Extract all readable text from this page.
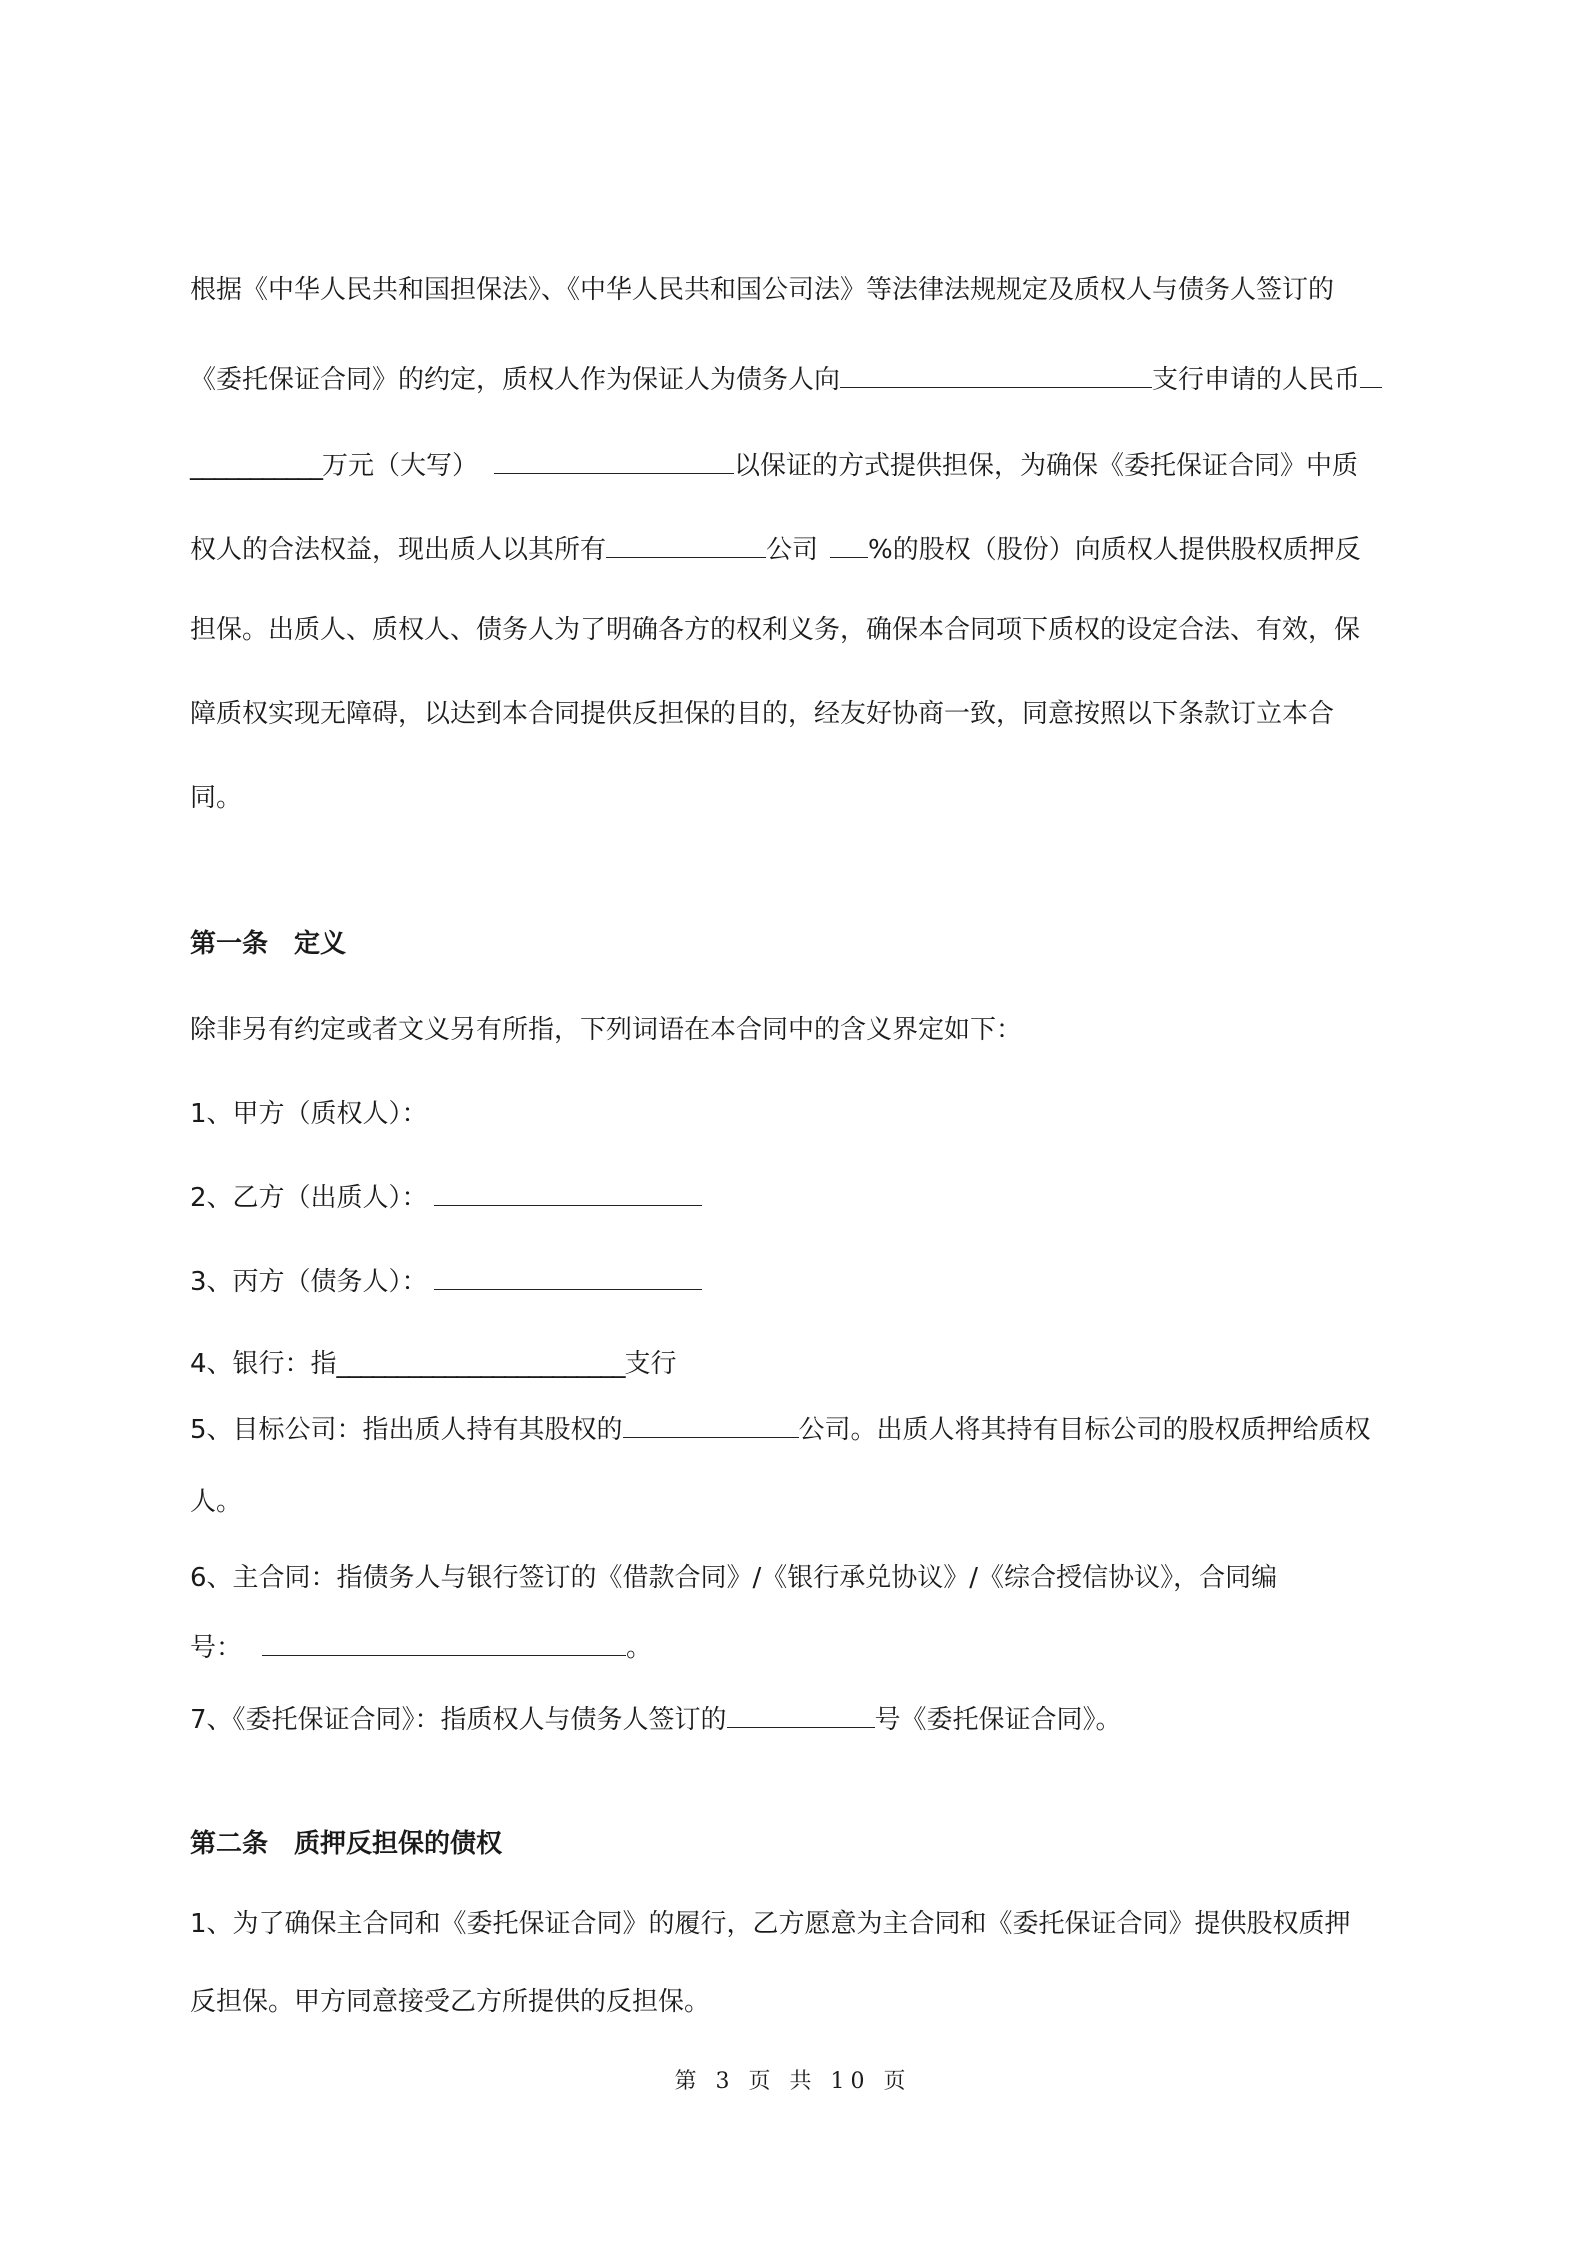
根据《中华人民共和国担保法》、《中华人民共和国公司法》等法律法规规定及质权人与债务人签订的

《委托保证合同》的约定，质权人作为保证人为债务人向	支行申请的人民币

___________万元（大写）	以保证的方式提供担保，为确保《委托保证合同》中质

权人的合法权益，现出质人以其所有	公司 %的股权（股份）向质权人提供股权质押反

担保。出质人、质权人、债务人为了明确各方的权利义务，确保本合同项下质权的设定合法、有效，保

障质权实现无障碍，以达到本合同提供反担保的目的，经友好协商一致，同意按照以下条款订立本合

同。

第一条　定义

除非另有约定或者文义另有所指，下列词语在本合同中的含义界定如下：

1、甲方（质权人）：

2、乙方（出质人）：

3、丙方（债务人）：

4、银行：指________________________支行

5、目标公司：指出质人持有其股权的	公司。出质人将其持有目标公司的股权质押给质权

人。

6、主合同：指债务人与银行签订的《借款合同》/《银行承兑协议》/《综合授信协议》，合同编

号：	。

7、《委托保证合同》：指质权人与债务人签订的	号《委托保证合同》。

第二条　质押反担保的债权

1、为了确保主合同和《委托保证合同》的履行，乙方愿意为主合同和《委托保证合同》提供股权质押

反担保。甲方同意接受乙方所提供的反担保。

第 3 页 共 10 页
